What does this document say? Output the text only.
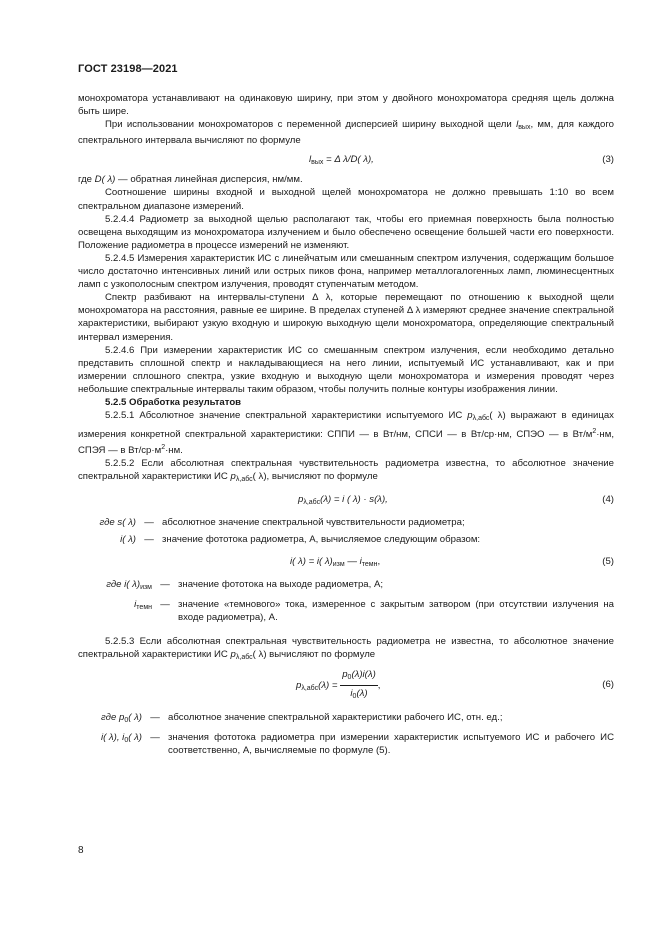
ГОСТ 23198—2021

монохроматора устанавливают на одинаковую ширину, при этом у двойного монохроматора средняя щель должна быть шире.

При использовании монохроматоров с переменной дисперсией ширину выходной щели $l_{вых}$, мм, для каждого спектрального интервала вычисляют по формуле

$l_{вых} = \Delta$ λ/D( λ),	(3)

где D( λ) — обратная линейная дисперсия, нм/мм.

Соотношение ширины входной и выходной щелей монохроматора не должно превышать 1:10 во всем спектральном диапазоне измерений.

5.2.4.4 Радиометр за выходной щелью располагают так, чтобы его приемная поверхность была полностью освещена выходящим из монохроматора излучением и было обеспечено освещение большей части его поверхности. Положение радиометра в процессе измерений не изменяют.

5.2.4.5 Измерения характеристик ИС с линейчатым или смешанным спектром излучения, содержащим большое число достаточно интенсивных линий или острых пиков фона, например металлогалогенных ламп, люминесцентных ламп с узкополосным спектром излучения, проводят ступенчатым методом.

Спектр разбивают на интервалы-ступени Δ λ, которые перемещают по отношению к выходной щели монохроматора на расстояния, равные ее ширине. В пределах ступеней Δ λ измеряют среднее значение спектральной характеристики, выбирают узкую входную и широкую выходную щели монохроматора, определяющие спектральный интервал измерения.

5.2.4.6 При измерении характеристик ИС со смешанным спектром излучения, если необходимо детально представить сплошной спектр и накладывающиеся на него линии, испытуемый ИС устанавливают, как и при измерении сплошного спектра, узкие входную и выходную щели монохроматора и измерения проводят через небольшие спектральные интервалы таким образом, чтобы получить полные контуры изображения линии.

5.2.5 Обработка результатов

5.2.5.1 Абсолютное значение спектральной характеристики испытуемого ИС $p_{\lambda,абс}$( λ) выражают в единицах измерения конкретной спектральной характеристики: СППИ — в Вт/нм, СПСИ — в Вт/ср·нм, СПЭО — в $Вт/м^2\cdot нм$, СПЭЯ — в $Вт/ср\cdot м^2\cdot нм$.

5.2.5.2 Если абсолютная спектральная чувствительность радиометра известна, то абсолютное значение спектральной характеристики ИС $p_{\lambda,абс}$( λ), вычисляют по формуле

$p_{\lambda,абс}(\lambda) = i$ ( λ) · s(λ),	(4)
где s( λ) — абсолютное значение спектральной чувствительности радиометра;
i( λ) — значение фототока радиометра, А, вычисляемое следующим образом:
i( λ) = i( $\lambda)_{изм}$ — $i_{темн}$,	(5)
где i( $\lambda)_{изм}$ — значение фототока на выходе радиометра, А;
$i_{темн}$ — значение «темнового» тока, измеренное с закрытым затвором (при отсутствии излучения на входе радиометра), А.

5.2.5.3 Если абсолютная спектральная чувствительность радиометра не известна, то абсолютное значение спектральной характеристики ИС $p_{\lambda,абс}$( λ) вычисляют по формуле

$p_{\lambda,абс}(\lambda) = \frac{p_0(\lambda)i(\lambda)}{i_0(\lambda)}$ ,	(6)
где $p_0$( λ) — абсолютное значение спектральной характеристики рабочего ИС, отн. ед.;
i( λ), $i_0$( λ) — значения фототока радиометра при измерении характеристик испытуемого ИС и рабочего ИС соответственно, А, вычисляемые по формуле (5).
8
